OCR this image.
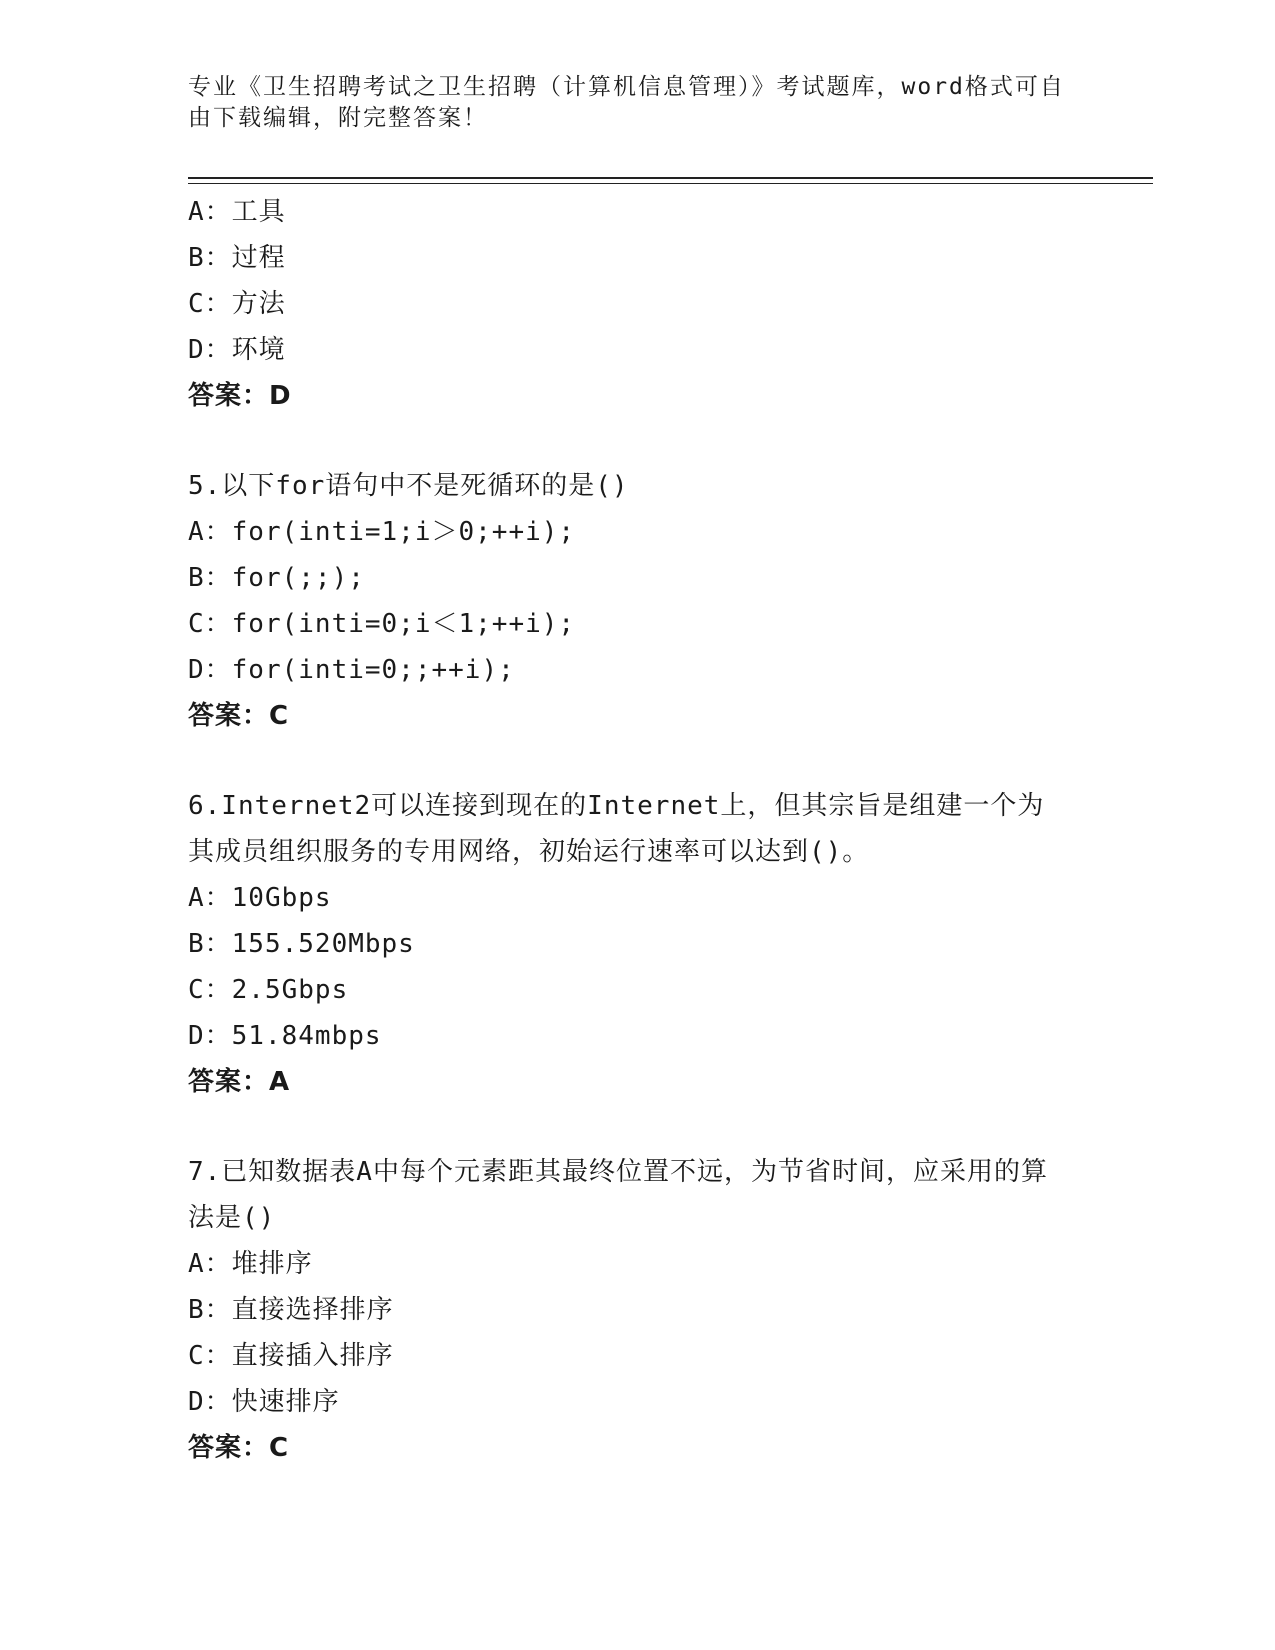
专业《卫生招聘考试之卫生招聘（计算机信息管理）》考试题库，word格式可自由下载编辑，附完整答案！
A：工具
B：过程
C：方法
D：环境
答案：D
5.以下for语句中不是死循环的是()
A：for(inti=1;i＞0;++i);
B：for(;;);
C：for(inti=0;i＜1;++i);
D：for(inti=0;;++i);
答案：C
6.Internet2可以连接到现在的Internet上，但其宗旨是组建一个为其成员组织服务的专用网络，初始运行速率可以达到()。
A：10Gbps
B：155.520Mbps
C：2.5Gbps
D：51.84mbps
答案：A
7.已知数据表A中每个元素距其最终位置不远，为节省时间，应采用的算法是()
A：堆排序
B：直接选择排序
C：直接插入排序
D：快速排序
答案：C
